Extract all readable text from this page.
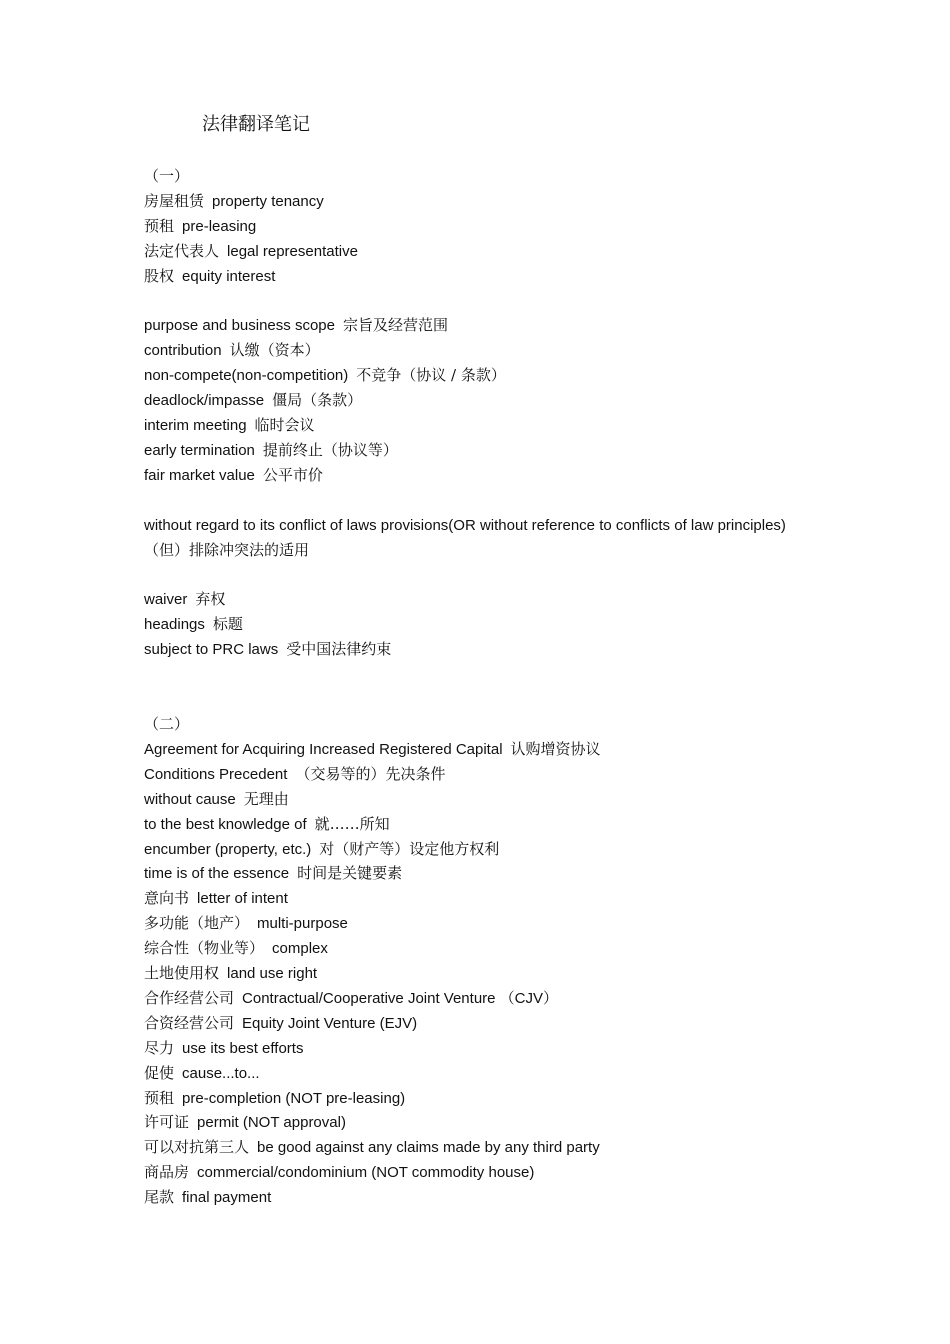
法律翻译笔记
（一）
房屋租赁 property tenancy
预租 pre-leasing
法定代表人 legal representative
股权 equity interest
purpose and business scope 宗旨及经营范围
contribution 认缴（资本）
non-compete(non-competition) 不竞争（协议 / 条款）
deadlock/impasse 僵局（条款）
interim meeting 临时会议
early termination 提前终止（协议等）
fair market value 公平市价
without regard to its conflict of laws provisions(OR without reference to conflicts of law principles)
（但）排除冲突法的适用
waiver 弃权
headings 标题
subject to PRC laws 受中国法律约束
（二）
Agreement for Acquiring Increased Registered Capital 认购增资协议
Conditions Precedent （交易等的）先决条件
without cause 无理由
to the best knowledge of 就……所知
encumber (property, etc.) 对（财产等）设定他方权利
time is of the essence 时间是关键要素
意向书 letter of intent
多功能（地产） multi-purpose
综合性（物业等） complex
土地使用权 land use right
合作经营公司 Contractual/Cooperative Joint Venture （CJV）
合资经营公司 Equity Joint Venture (EJV)
尽力 use its best efforts
促使 cause...to...
预租 pre-completion (NOT pre-leasing)
许可证 permit (NOT approval)
可以对抗第三人 be good against any claims made by any third party
商品房 commercial/condominium (NOT commodity house)
尾款 final payment
